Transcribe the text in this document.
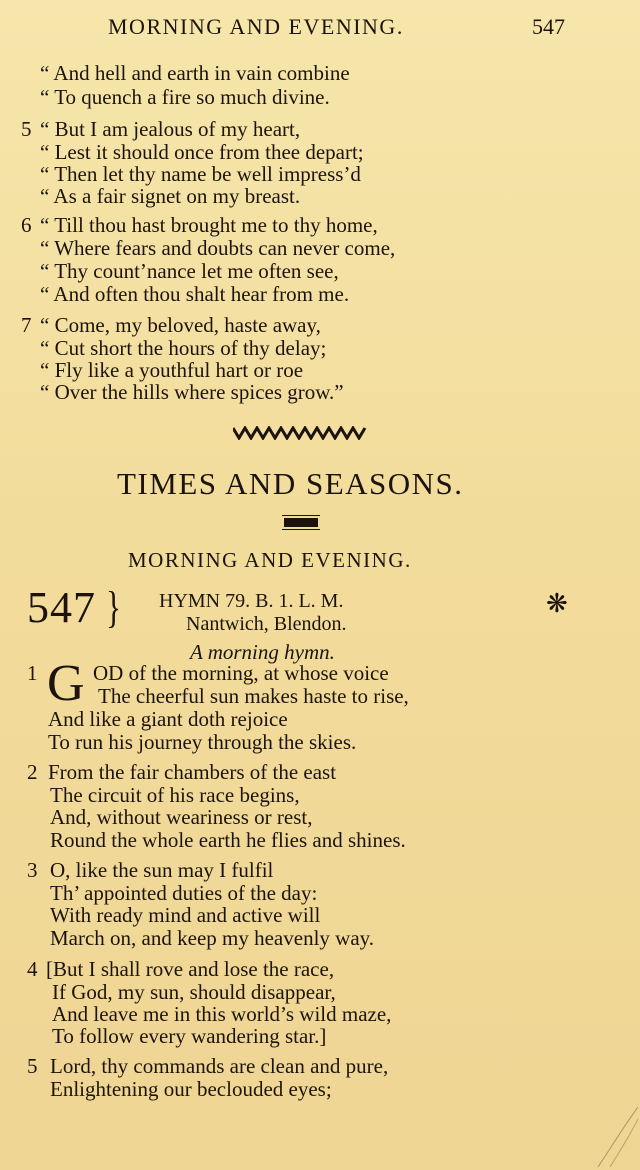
MORNING AND EVENING.	547
“ And hell and earth in vain combine
“ To quench a fire so much divine.
5 “ But I am jealous of my heart,
“ Lest it should once from thee depart;
“ Then let thy name be well impress’d
“ As a fair signet on my breast.
6 “ Till thou hast brought me to thy home,
“ Where fears and doubts can never come,
“ Thy count’nance let me often see,
“ And often thou shalt hear from me.
7 “ Come, my beloved, haste away,
“ Cut short the hours of thy delay;
“ Fly like a youthful hart or roe
“ Over the hills where spices grow.”
TIMES AND SEASONS.
MORNING AND EVENING.
547 } HYMN 79. B. 1. L. M.
Nantwich, Blendon.
❋
A morning hymn.
1 G OD of the morning, at whose voice
The cheerful sun makes haste to rise,
And like a giant doth rejoice
To run his journey through the skies.
2 From the fair chambers of the east
The circuit of his race begins,
And, without weariness or rest,
Round the whole earth he flies and shines.
3 O, like the sun may I fulfil
Th’ appointed duties of the day:
With ready mind and active will
March on, and keep my heavenly way.
4 [But I shall rove and lose the race,
If God, my sun, should disappear,
And leave me in this world’s wild maze,
To follow every wandering star.]
5 Lord, thy commands are clean and pure,
Enlightening our beclouded eyes;
